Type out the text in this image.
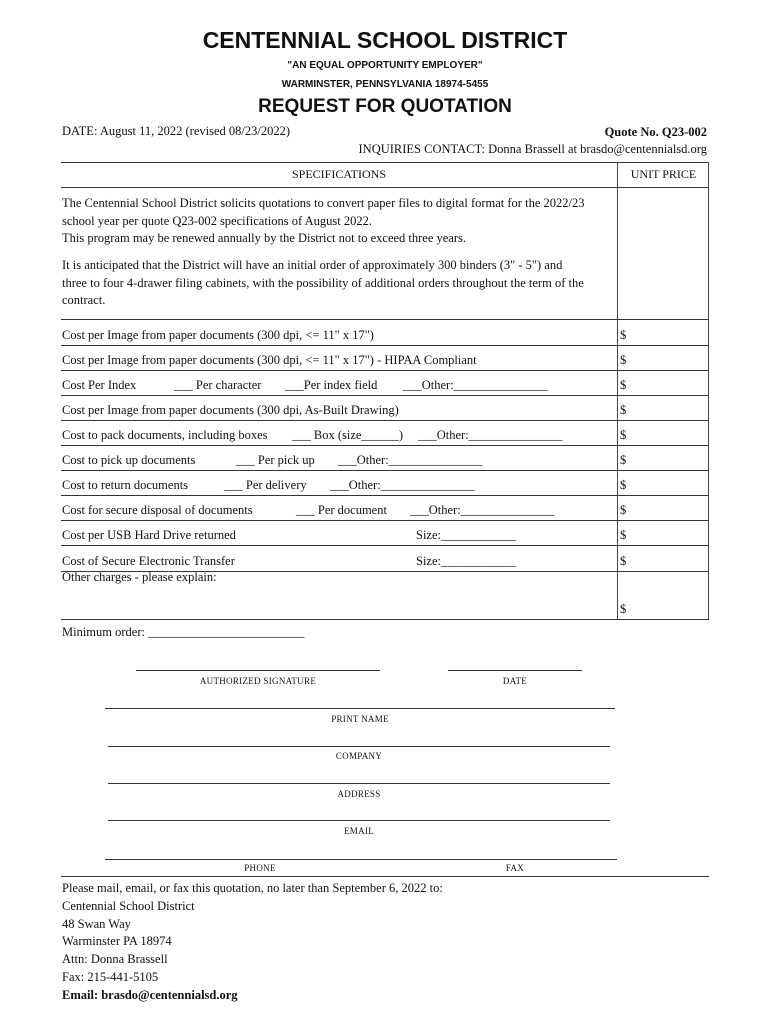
CENTENNIAL SCHOOL DISTRICT
"AN EQUAL OPPORTUNITY EMPLOYER"
WARMINSTER, PENNSYLVANIA 18974-5455
REQUEST FOR QUOTATION
DATE: August 11, 2022 (revised 08/23/2022)	Quote No. Q23-002
INQUIRIES CONTACT: Donna Brassell at brasdo@centennialsd.org
SPECIFICATIONS	UNIT PRICE
The Centennial School District solicits quotations to convert paper files to digital format for the 2022/23
school year per quote Q23-002 specifications of August 2022.
This program may be renewed annually by the District not to exceed three years.
It is anticipated that the District will have an initial order of approximately 300 binders (3" - 5") and
three to four 4-drawer filing cabinets, with the possibility of additional orders throughout the term of the
contract.
Cost per Image from paper documents (300 dpi, <= 11" x 17")	$
Cost per Image from paper documents (300 dpi, <= 11" x 17") - HIPAA Compliant	$
Cost Per Index	___ Per character ___Per index field ___Other:_______________	$
Cost per Image from paper documents (300 dpi, As-Built Drawing)	$
Cost to pack documents, including boxes ___ Box (size______) ___Other:_______________	$
Cost to pick up documents	___ Per pick up ___Other:_______________	$
Cost to return documents	___ Per delivery ___Other:_______________	$
Cost for secure disposal of documents	___ Per document ___Other:_______________	$
Cost per USB Hard Drive returned	Size:____________	$
Cost of Secure Electronic Transfer	Size:____________	$
Other charges - please explain:
$
Minimum order: _________________________
AUTHORIZED SIGNATURE	DATE
PRINT NAME
COMPANY
ADDRESS
EMAIL
PHONE	FAX
Please mail, email, or fax this quotation, no later than September 6, 2022 to:
Centennial School District
48 Swan Way
Warminster PA 18974
Attn: Donna Brassell
Fax: 215-441-5105
Email: brasdo@centennialsd.org
